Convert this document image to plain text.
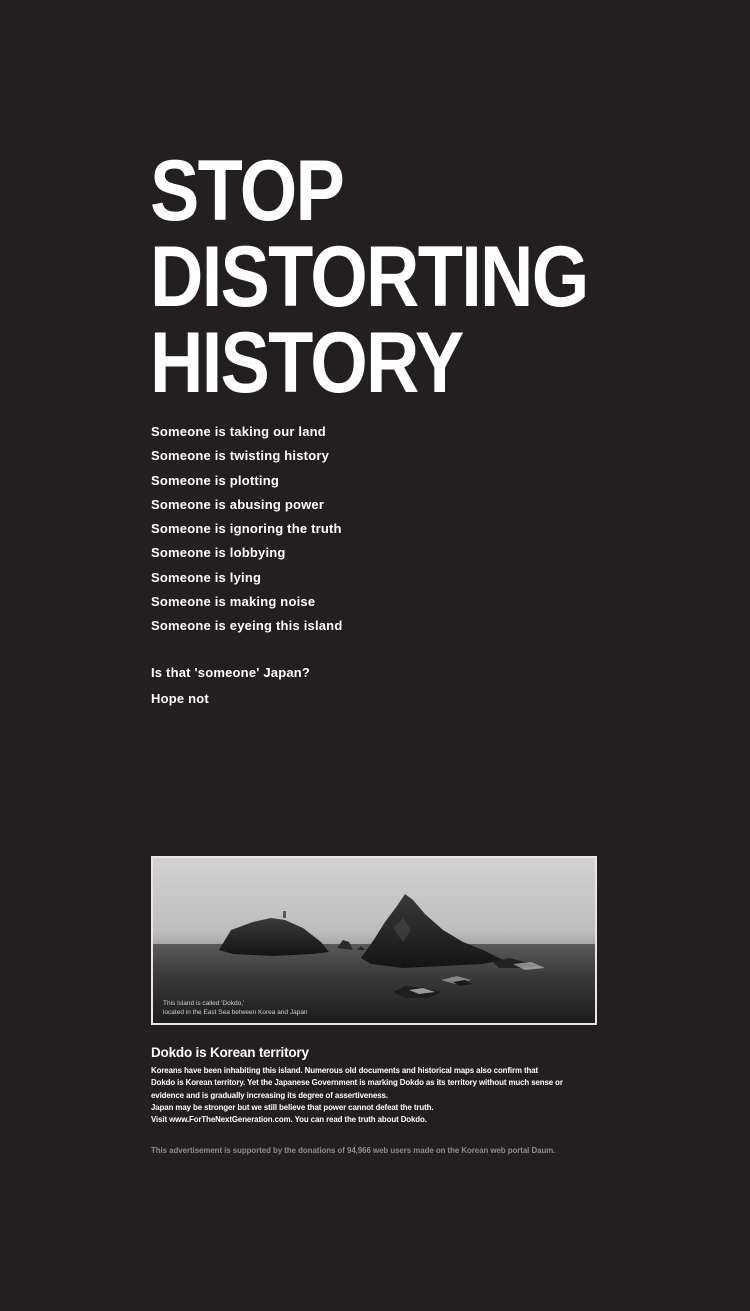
STOP
DISTORTING
HISTORY
Someone is taking our land
Someone is twisting history
Someone is plotting
Someone is abusing power
Someone is ignoring the truth
Someone is lobbying
Someone is lying
Someone is making noise
Someone is eyeing this island
Is that 'someone' Japan?
Hope not
This island is called 'Dokdo,'
located in the East Sea between Korea and Japan
Dokdo is Korean territory
Koreans have been inhabiting this island. Numerous old documents and historical maps also confirm that
Dokdo is Korean territory. Yet the Japanese Government is marking Dokdo as its territory without much sense or
evidence and is gradually increasing its degree of assertiveness.
Japan may be stronger but we still believe that power cannot defeat the truth.
Visit www.ForTheNextGeneration.com. You can read the truth about Dokdo.
This advertisement is supported by the donations of 94,966 web users made on the Korean web portal Daum.
